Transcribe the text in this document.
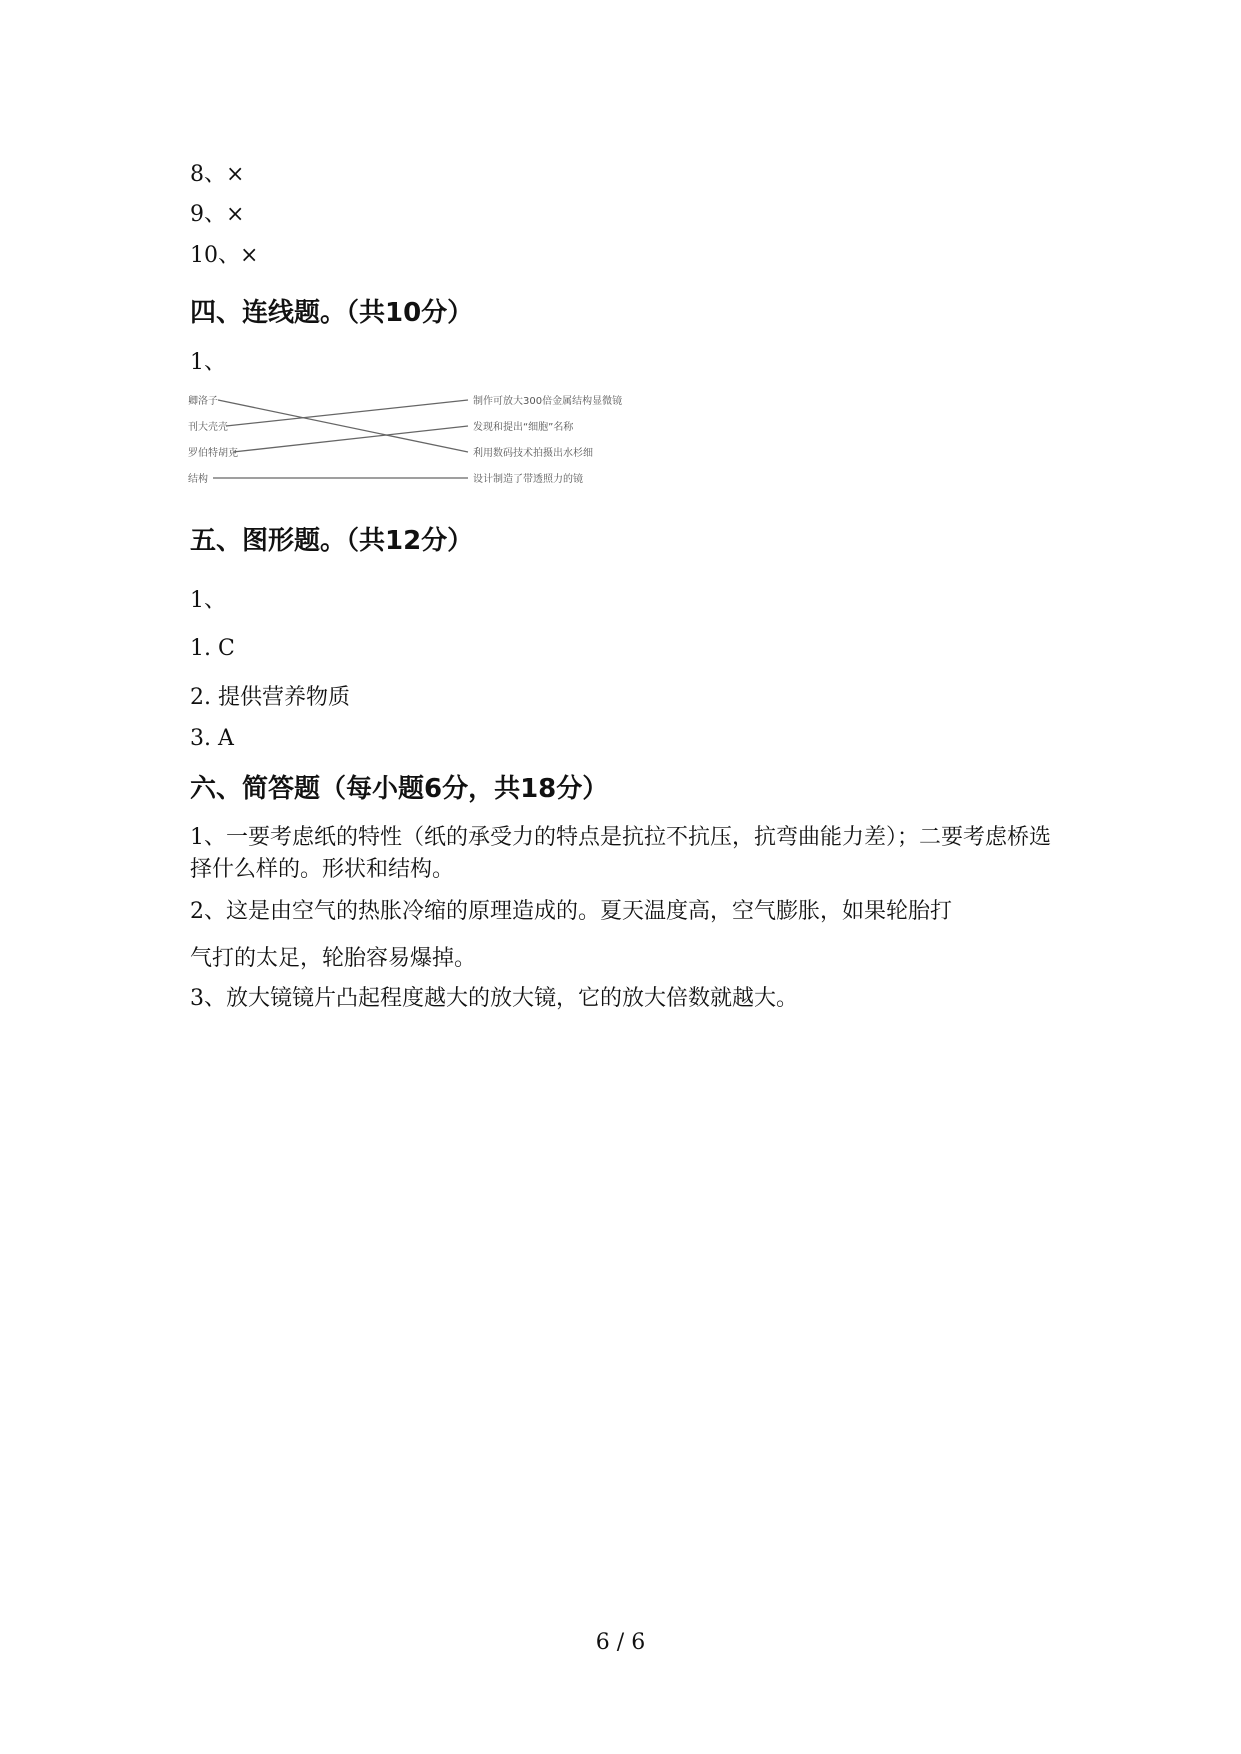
8、×
9、×
10、×
四、连线题。（共10分）
1、
卿洛子
刊大壳壳
罗伯特胡克
结构
制作可放大300倍金属结构显微镜
发现和提出“细胞”名称
利用数码技术拍摄出水杉细
设计制造了带透照力的镜
五、图形题。（共12分）
1、
1. C
2. 提供营养物质
3. A
六、简答题（每小题6分，共18分）
1、一要考虑纸的特性（纸的承受力的特点是抗拉不抗压，抗弯曲能力差）；二要考虑桥选择什么样的。形状和结构。
2、这是由空气的热胀冷缩的原理造成的。夏天温度高，空气膨胀，如果轮胎打
气打的太足，轮胎容易爆掉。
3、放大镜镜片凸起程度越大的放大镜，它的放大倍数就越大。
6 / 6
